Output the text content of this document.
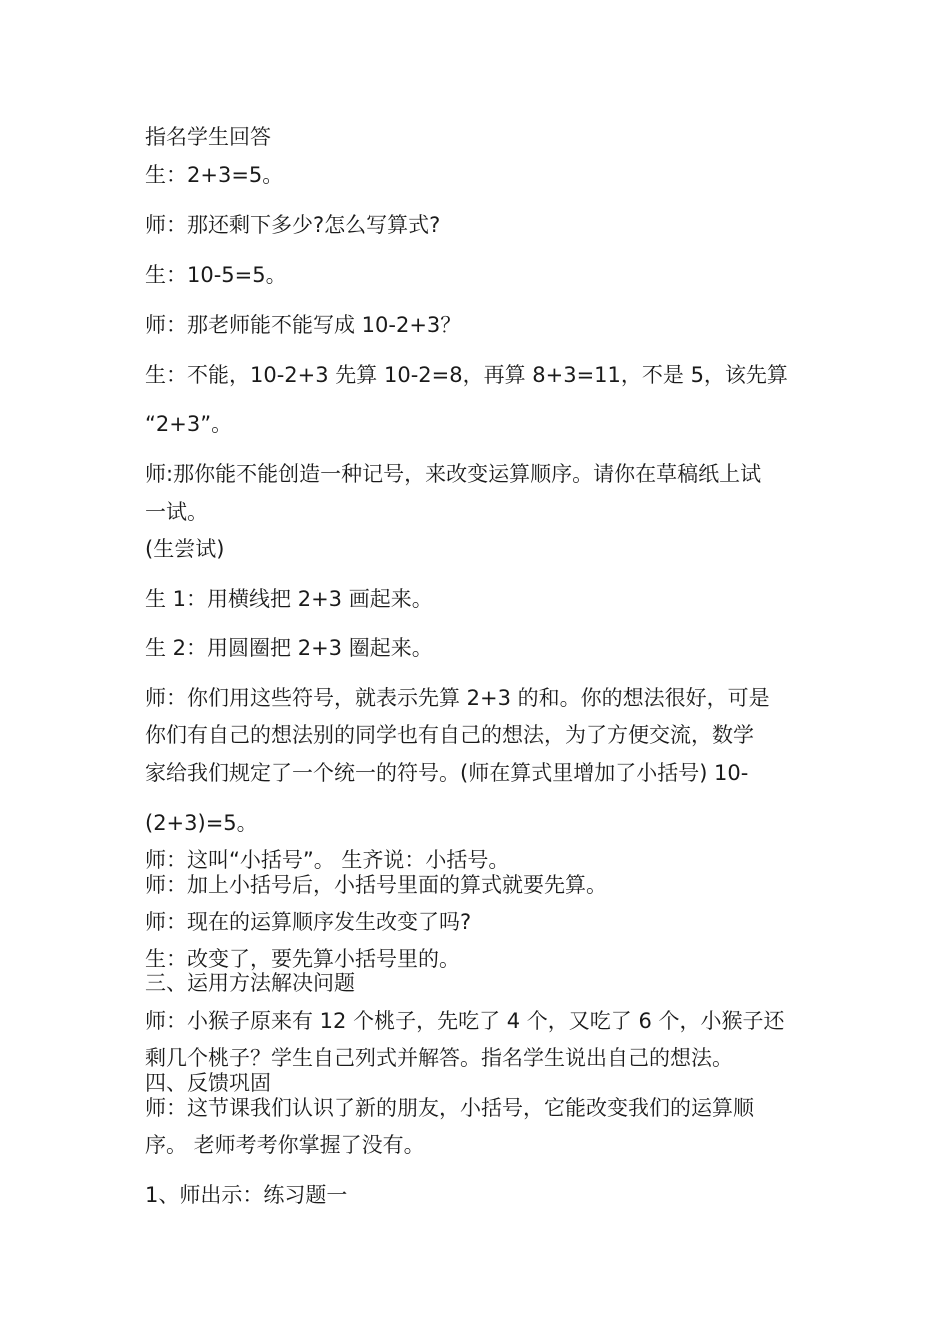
指名学生回答
生：2+3=5。
师：那还剩下多少?怎么写算式?
生：10-5=5。
师：那老师能不能写成 10-2+3？
生：不能，10-2+3 先算 10-2=8，再算 8+3=11，不是 5，该先算
“2+3”。
师:那你能不能创造一种记号，来改变运算顺序。请你在草稿纸上试
一试。
(生尝试)
生 1：用横线把 2+3 画起来。
生 2：用圆圈把 2+3 圈起来。
师：你们用这些符号，就表示先算 2+3 的和。你的想法很好，可是
你们有自己的想法别的同学也有自己的想法，为了方便交流，数学
家给我们规定了一个统一的符号。(师在算式里增加了小括号) 10-
(2+3)=5。
师：这叫“小括号”。 生齐说：小括号。
师：加上小括号后，小括号里面的算式就要先算。
师：现在的运算顺序发生改变了吗?
生：改变了，要先算小括号里的。
三、运用方法解决问题
师：小猴子原来有 12 个桃子，先吃了 4 个，又吃了 6 个，小猴子还
剩几个桃子？学生自己列式并解答。指名学生说出自己的想法。
四、反馈巩固
师：这节课我们认识了新的朋友，小括号，它能改变我们的运算顺
序。 老师考考你掌握了没有。
1、师出示：练习题一
